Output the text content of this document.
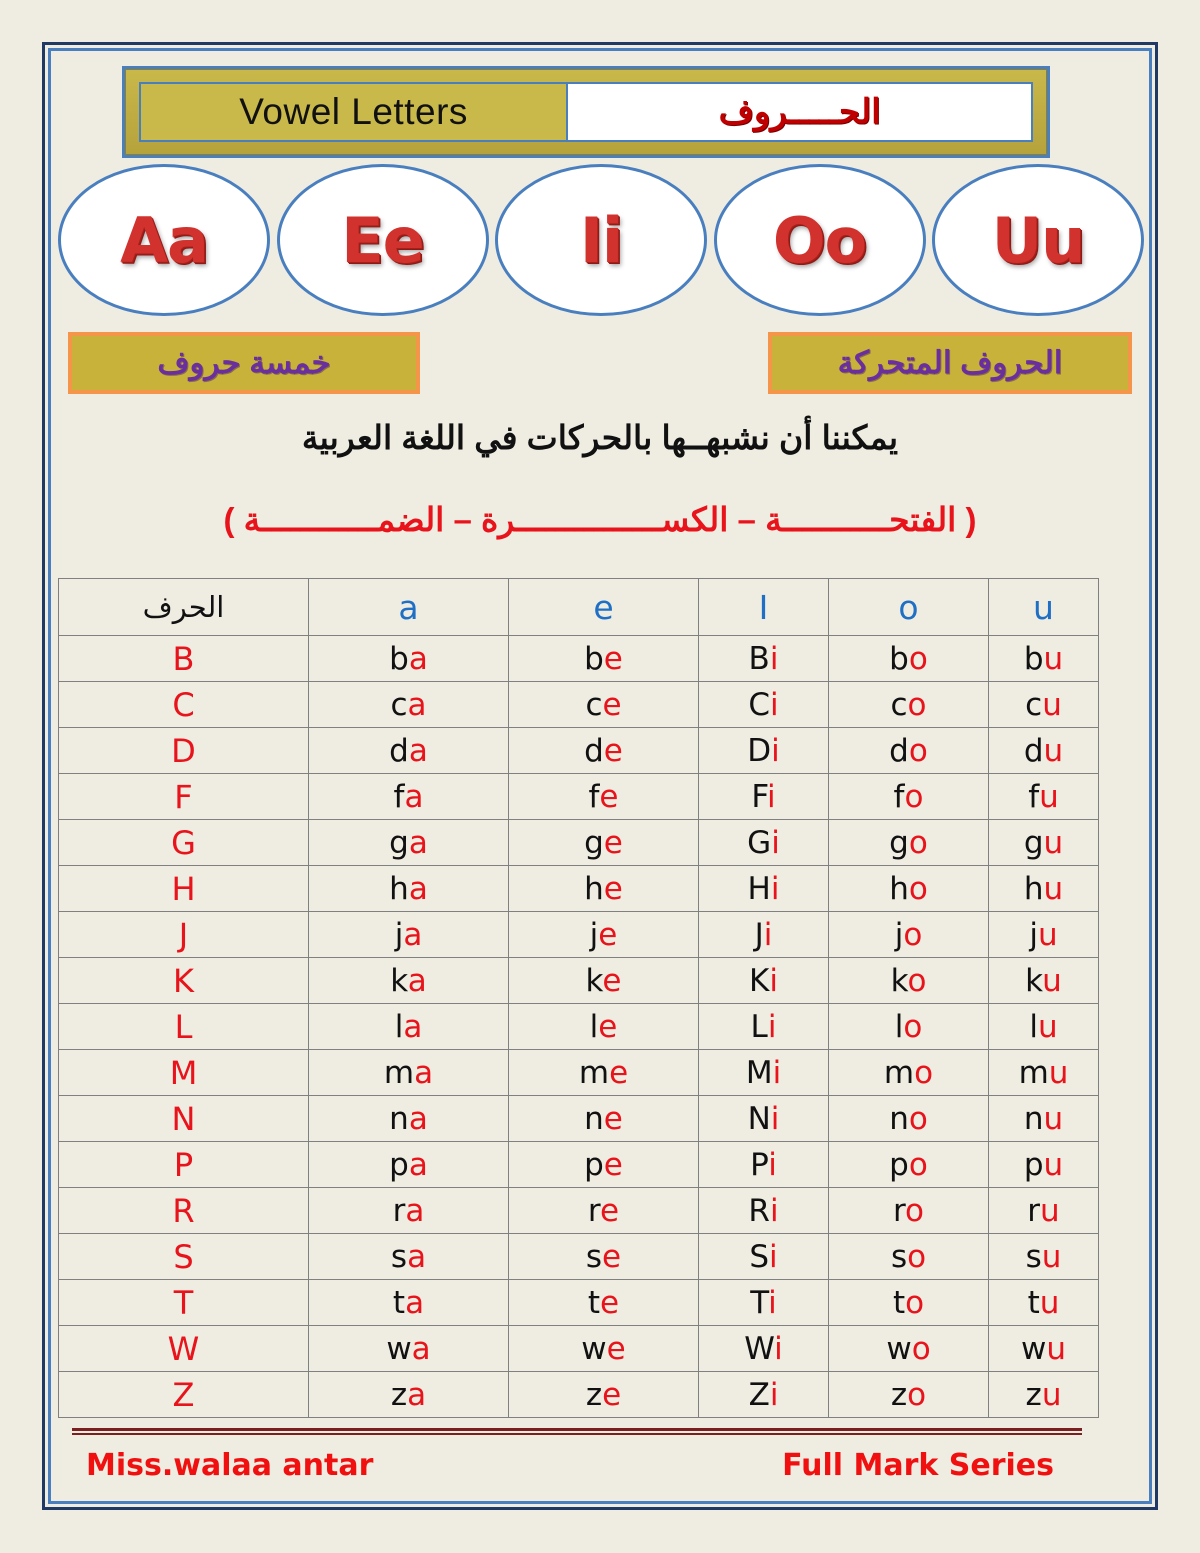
Vowel Letters	الحـــــروف
Aa Ee	Ii Oo Uu
خمسة حروف	الحروف المتحركة
يمكننا أن نشبهــها بالحركات في اللغة العربية
( الفتحـــــــــــة – الكســـــــــــــــرة – الضمــــــــــــة )
الحرف	a	e	I	o	u
B	ba	be	Bi	bo	bu
C	ca	ce	Ci	co	cu
D	da	de	Di	do	du
F	fa	fe	Fi	fo	fu
G	ga	ge	Gi	go	gu
H	ha	he	Hi	ho	hu
J	ja	je	Ji	jo	ju
K	ka	ke	Ki	ko	ku
L	la	le	Li	lo	lu
M	ma	me	Mi	mo	mu
N	na	ne	Ni	no	nu
P	pa	pe	Pi	po	pu
R	ra	re	Ri	ro	ru
S	sa	se	Si	so	su
T	ta	te	Ti	to	tu
W	wa	we	Wi	wo	wu
Z	za	ze	Zi	zo	zu
Miss.walaa antar	Full Mark Series
